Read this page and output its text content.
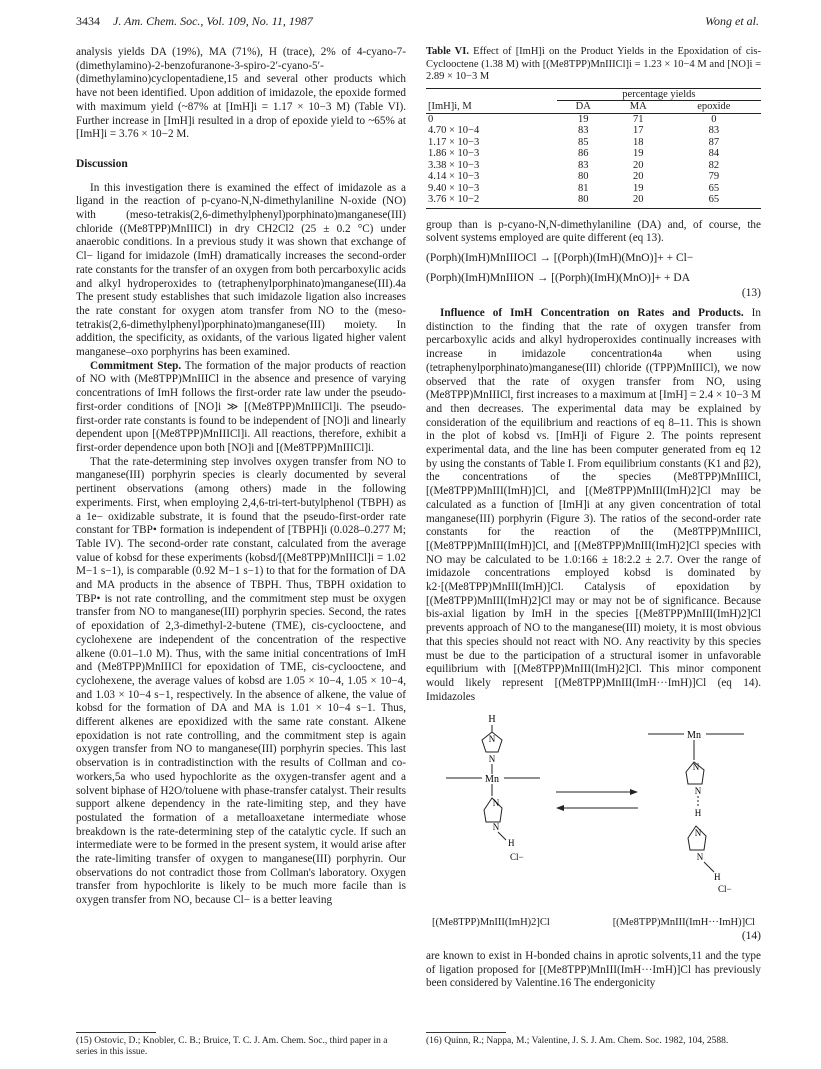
3434 J. Am. Chem. Soc., Vol. 109, No. 11, 1987	Wong et al.

analysis yields DA (19%), MA (71%), H (trace), 2% of 4-cyano-7-(dimethylamino)-2-benzofuranone-3-spiro-2′-cyano-5′-(dimethylamino)cyclopentadiene,15 and several other products which have not been identified. Upon addition of imidazole, the epoxide formed with maximum yield (~87% at [ImH]i = 1.17 × 10−3 M) (Table VI). Further increase in [ImH]i resulted in a drop of epoxide yield to ~65% at [ImH]i = 3.76 × 10−2 M.

Discussion

In this investigation there is examined the effect of imidazole as a ligand in the reaction of p-cyano-N,N-dimethylaniline N-oxide (NO) with (meso-tetrakis(2,6-dimethylphenyl)porphinato)manganese(III) chloride ((Me8TPP)MnIIICl) in dry CH2Cl2 (25 ± 0.2 °C) under anaerobic conditions. In a previous study it was shown that exchange of Cl− ligand for imidazole (ImH) dramatically increases the second-order rate constants for the transfer of an oxygen from both percarboxylic acids and alkyl hydroperoxides to (tetraphenylporphinato)manganese(III).4a The present study establishes that such imidazole ligation also increases the rate constant for oxygen atom transfer from NO to the (meso-tetrakis(2,6-dimethylphenyl)porphinato)manganese(III) moiety. In addition, the specificity, as oxidants, of the various ligated higher valent manganese–oxo porphyrins has been examined.

Commitment Step. The formation of the major products of reaction of NO with (Me8TPP)MnIIICl in the absence and presence of varying concentrations of ImH follows the first-order rate law under the pseudo-first-order conditions of [NO]i ≫ [(Me8TPP)MnIIICl]i. The pseudo-first-order rate constants is found to be independent of [NO]i and linearly dependent upon [(Me8TPP)MnIIICl]i. All reactions, therefore, exhibit a first-order dependence upon both [NO]i and [(Me8TPP)MnIIICl]i.

That the rate-determining step involves oxygen transfer from NO to manganese(III) porphyrin species is clearly documented by several pertinent observations (among others) made in the following experiments. First, when employing 2,4,6-tri-tert-butylphenol (TBPH) as a 1e− oxidizable substrate, it is found that the pseudo-first-order rate constant for TBP• formation is independent of [TBPH]i (0.028–0.277 M; Table IV). The second-order rate constant, calculated from the average value of kobsd for these experiments (kobsd/[(Me8TPP)MnIIICl]i = 1.02 M−1 s−1), is comparable (0.92 M−1 s−1) to that for the formation of DA and MA products in the absence of TBPH. Thus, TBPH oxidation to TBP• is not rate controlling, and the commitment step must be oxygen transfer from NO to manganese(III) porphyrin species. Second, the rates of epoxidation of 2,3-dimethyl-2-butene (TME), cis-cyclooctene, and cyclohexene are independent of the concentration of the respective alkene (0.01–1.0 M). Thus, with the same initial concentrations of ImH and (Me8TPP)MnIIICl for epoxidation of TME, cis-cyclooctene, and cyclohexene, the average values of kobsd are 1.05 × 10−4, 1.05 × 10−4, and 1.03 × 10−4 s−1, respectively. In the absence of alkene, the value of kobsd for the formation of DA and MA is 1.01 × 10−4 s−1. Thus, different alkenes are epoxidized with the same rate constant. Alkene epoxidation is not rate controlling, and the commitment step is again oxygen transfer from NO to manganese(III) porphyrin species. This last observation is in contradistinction with the results of Collman and co-workers,5a who used hypochlorite as the oxygen-transfer agent and a solvent biphase of H2O/toluene with phase-transfer catalyst. Their results support alkene dependency in the rate-limiting step, and they have postulated the formation of a metalloaxetane intermediate whose breakdown is the rate-determining step of the catalytic cycle. If such an intermediate were to be formed in the present system, it would arise after the rate-limiting transfer of oxygen to manganese(III) porphyrin. Our observations do not contradict those from Collman's laboratory. Oxygen transfer from hypochlorite is likely to be much more facile than is oxygen transfer from NO, because Cl− is a better leaving

Table VI. Effect of [ImH]i on the Product Yields in the Epoxidation of cis-Cyclooctene (1.38 M) with [(Me8TPP)MnIIICl]i = 1.23 × 10−4 M and [NO]i = 2.89 × 10−3 M
	percentage yields		
[ImH]i, M	DA	MA	epoxide
0	19	71	0
4.70 × 10−4	83	17	83
1.17 × 10−3	85	18	87
1.86 × 10−3	86	19	84
3.38 × 10−3	83	20	82
4.14 × 10−3	80	20	79
9.40 × 10−3	81	19	65
3.76 × 10−2	80	20	65

group than is p-cyano-N,N-dimethylaniline (DA) and, of course, the solvent systems employed are quite different (eq 13).

(Porph)(ImH)MnIIIOCl → [(Porph)(ImH)(MnO)]+ + Cl−
(Porph)(ImH)MnIIION → [(Porph)(ImH)(MnO)]+ + DA
(13)

Influence of ImH Concentration on Rates and Products. In distinction to the finding that the rate of oxygen transfer from percarboxylic acids and alkyl hydroperoxides continually increases with increase in imidazole concentration4a when using (tetraphenylporphinato)manganese(III) chloride ((TPP)MnIIICl), we now observed that the rate of oxygen transfer from NO, using (Me8TPP)MnIIICl, first increases to a maximum at [ImH] = 2.4 × 10−3 M and then decreases. The experimental data may be explained by consideration of the equilibrium and reactions of eq 8–11. This is shown in the plot of kobsd vs. [ImH]i of Figure 2. The points represent experimental data, and the line has been computer generated from eq 12 by using the constants of Table I. From equilibrium constants (K1 and β2), the concentrations of the species (Me8TPP)MnIIICl, [(Me8TPP)MnIII(ImH)]Cl, and [(Me8TPP)MnIII(ImH)2]Cl may be calculated as a function of [ImH]i at any given concentration of total manganese(III) porphyrin (Figure 3). The ratios of the second-order rate constants for the reaction of the (Me8TPP)MnIIICl, [(Me8TPP)MnIII(ImH)]Cl, and [(Me8TPP)MnIII(ImH)2]Cl species with NO may be calculated to be 1.0:166 ± 18:2.2 ± 2.7. Over the range of imidazole concentrations employed kobsd is dominated by k2·[(Me8TPP)MnIII(ImH)]Cl. Catalysis of epoxidation by [(Me8TPP)MnIII(ImH)2]Cl may or may not be of significance. Because bis-axial ligation by ImH in the species [(Me8TPP)MnIII(ImH)2]Cl prevents approach of NO to the manganese(III) moiety, it is most obvious that this species should not react with NO. Any reactivity by this species must be due to the participation of a structural isomer in unfavorable equilibrium with [(Me8TPP)MnIII(ImH)2]Cl. This minor component would likely represent [(Me8TPP)MnIII(ImH···ImH)]Cl (eq 14). Imidazoles

H
N
N
Mn
N
N
H
Cl−
Mn
N
N
H
N
N
H
Cl−
[(Me8TPP)MnIII(ImH)2]Cl	[(Me8TPP)MnIII(ImH···ImH)]Cl
(14)

are known to exist in H-bonded chains in aprotic solvents,11 and the type of ligation proposed for [(Me8TPP)MnIII(ImH···ImH)]Cl has previously been considered by Valentine.16 The endergonicity

(15) Ostovic, D.; Knobler, C. B.; Bruice, T. C. J. Am. Chem. Soc., third paper in a series in this issue.
(16) Quinn, R.; Nappa, M.; Valentine, J. S. J. Am. Chem. Soc. 1982, 104, 2588.
